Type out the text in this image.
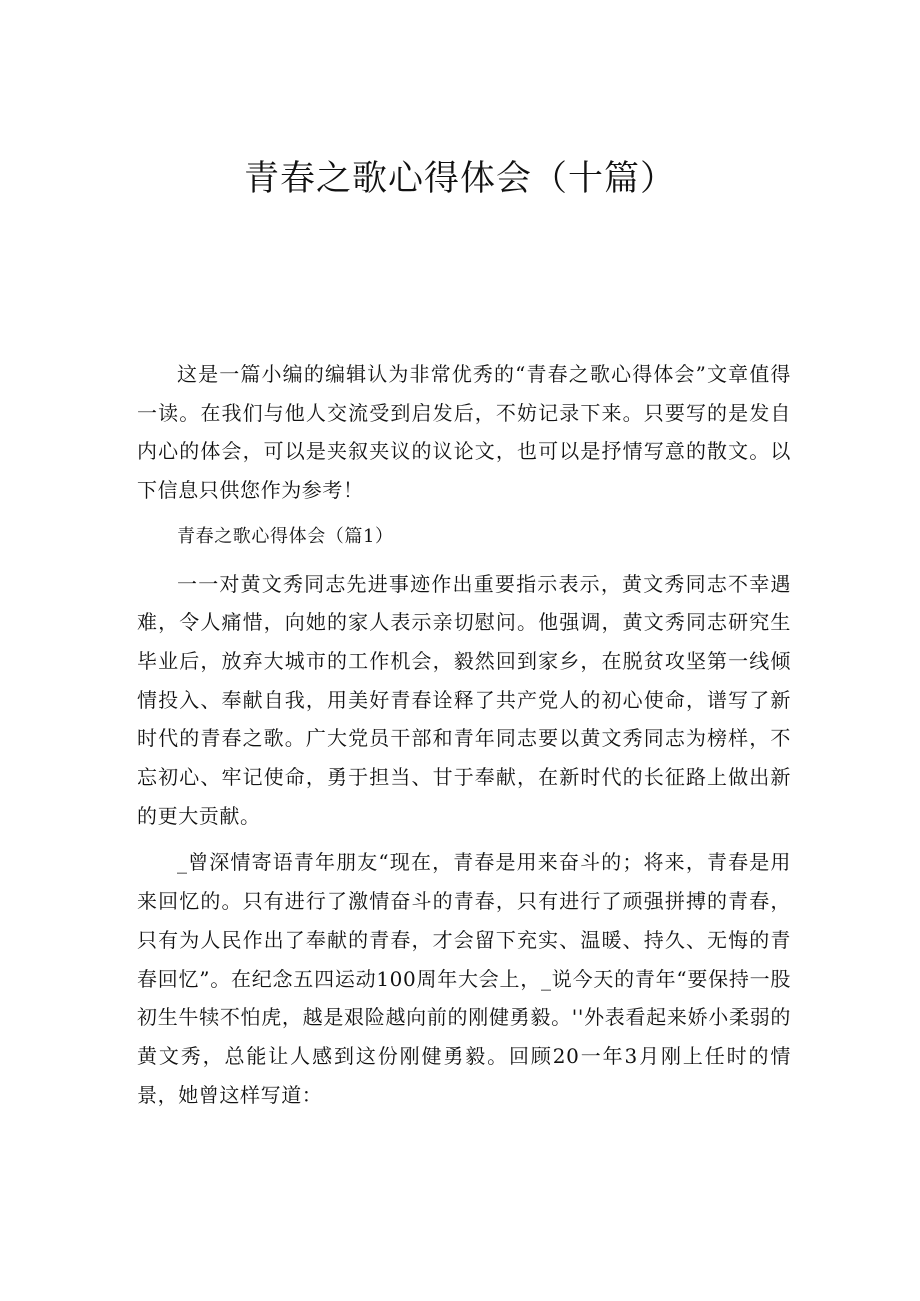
青春之歌心得体会（十篇）

这是一篇小编的编辑认为非常优秀的“青春之歌心得体会”文章值得一读。在我们与他人交流受到启发后，不妨记录下来。只要写的是发自内心的体会，可以是夹叙夹议的议论文，也可以是抒情写意的散文。以下信息只供您作为参考！

青春之歌心得体会（篇1）

一一对黄文秀同志先进事迹作出重要指示表示，黄文秀同志不幸遇难，令人痛惜，向她的家人表示亲切慰问。他强调，黄文秀同志研究生毕业后，放弃大城市的工作机会，毅然回到家乡，在脱贫攻坚第一线倾情投入、奉献自我，用美好青春诠释了共产党人的初心使命，谱写了新时代的青春之歌。广大党员干部和青年同志要以黄文秀同志为榜样，不忘初心、牢记使命，勇于担当、甘于奉献，在新时代的长征路上做出新的更大贡献。

_曾深情寄语青年朋友“现在，青春是用来奋斗的；将来，青春是用来回忆的。只有进行了激情奋斗的青春，只有进行了顽强拼搏的青春，只有为人民作出了奉献的青春，才会留下充实、温暖、持久、无悔的青春回忆”。在纪念五四运动100周年大会上，_说今天的青年“要保持一股初生牛犊不怕虎，越是艰险越向前的刚健勇毅。''外表看起来娇小柔弱的黄文秀，总能让人感到这份刚健勇毅。回顾20一年3月刚上任时的情景，她曾这样写道：
